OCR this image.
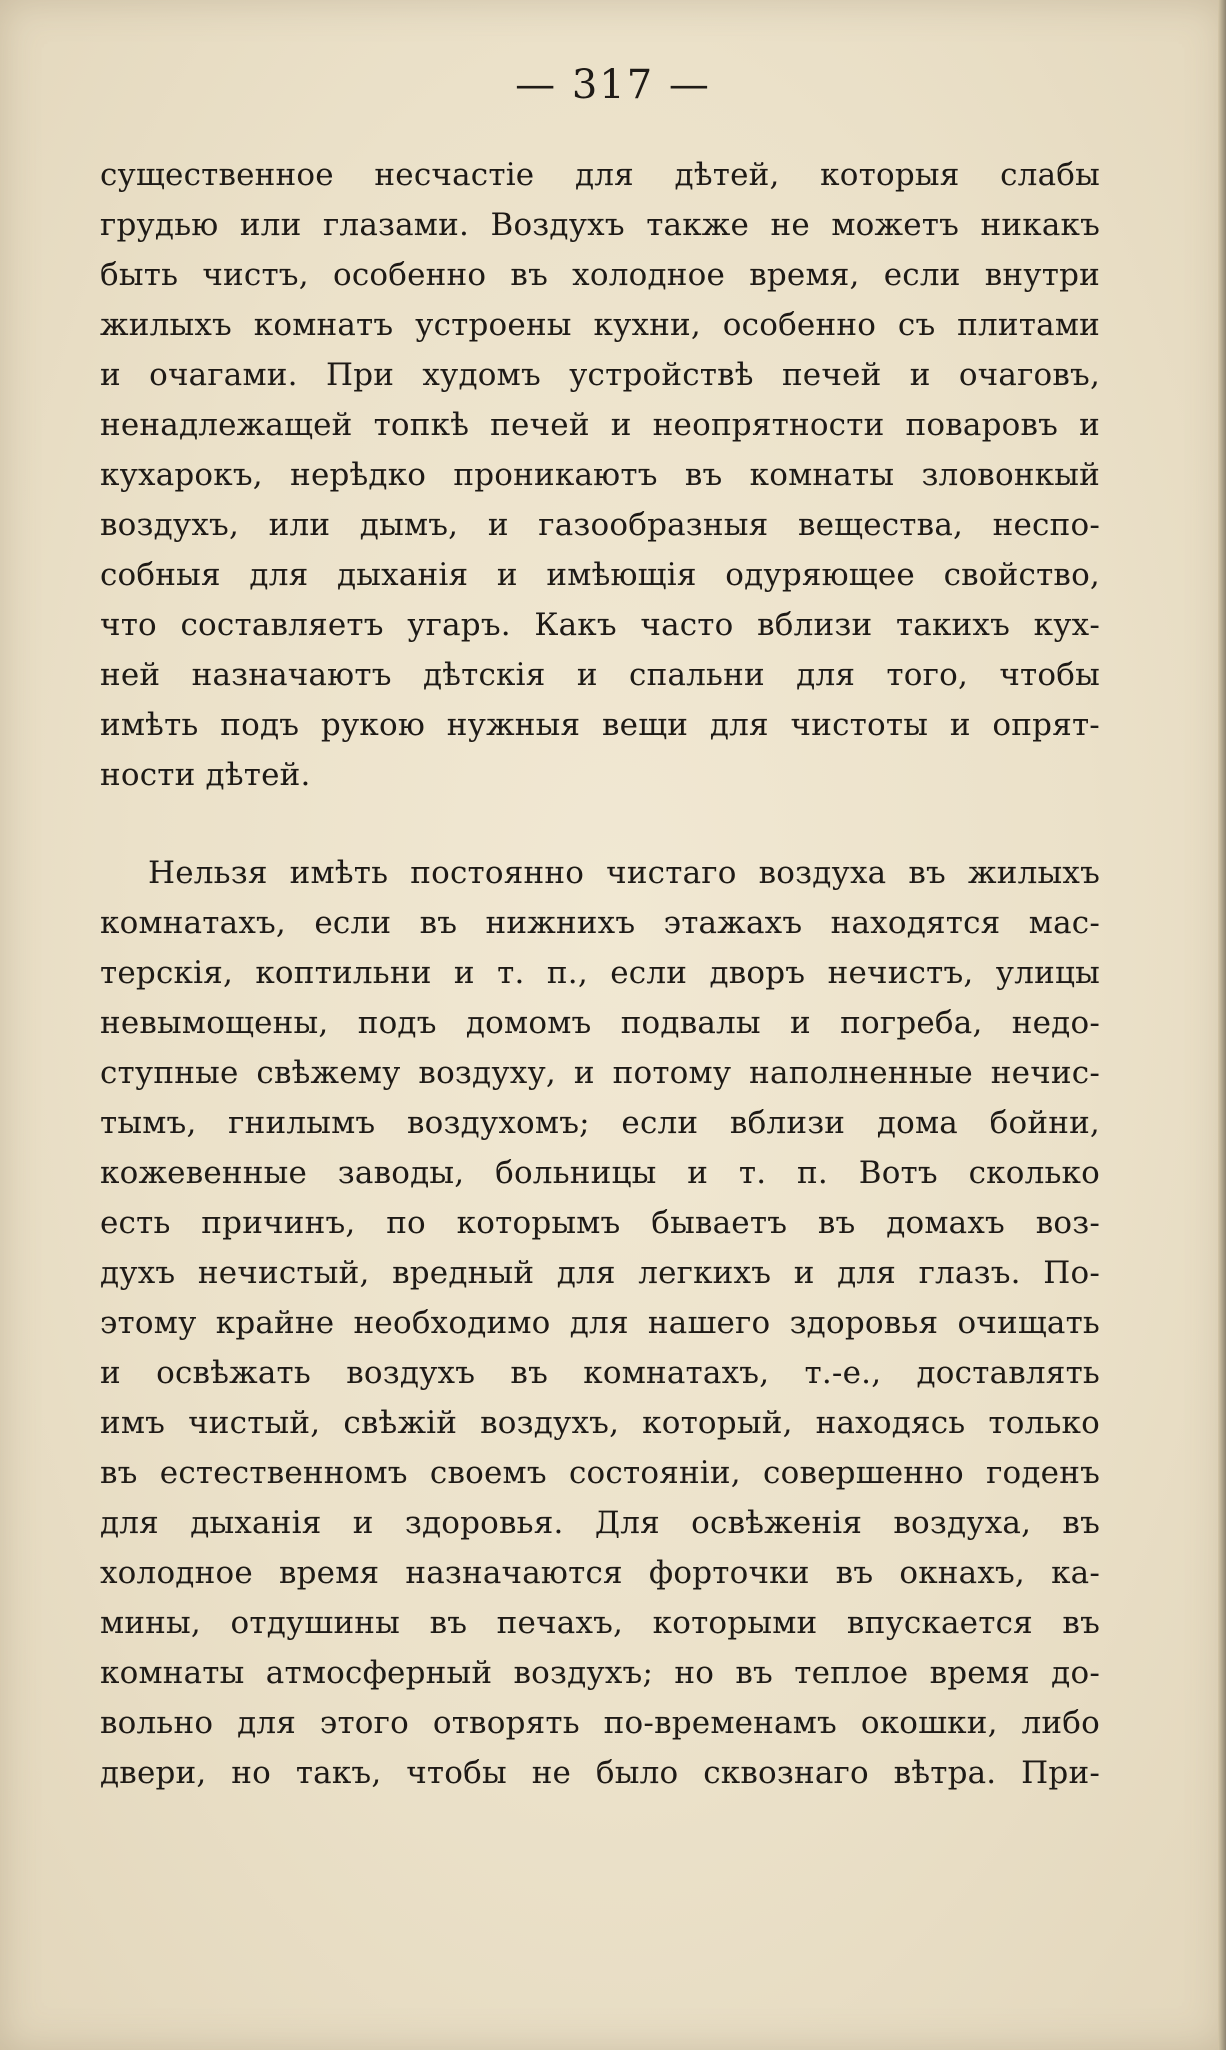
— 317 —
существенное несчастіе для дѣтей, которыя слабы
грудью или глазами. Воздухъ также не можетъ никакъ
быть чистъ, особенно въ холодное время, если внутри
жилыхъ комнатъ устроены кухни, особенно съ плитами
и очагами. При худомъ устройствѣ печей и очаговъ,
ненадлежащей топкѣ печей и неопрятности поваровъ и
кухарокъ, нерѣдко проникаютъ въ комнаты зловонкый
воздухъ, или дымъ, и газообразныя вещества, неспо-
собныя для дыханія и имѣющія одуряющее свойство,
что составляетъ угаръ. Какъ часто вблизи такихъ кух-
ней назначаютъ дѣтскія и спальни для того, чтобы
имѣть подъ рукою нужныя вещи для чистоты и опрят-
ности дѣтей.
Нельзя имѣть постоянно чистаго воздуха въ жилыхъ
комнатахъ, если въ нижнихъ этажахъ находятся мас-
терскія, коптильни и т. п., если дворъ нечистъ, улицы
невымощены, подъ домомъ подвалы и погреба, недо-
ступные свѣжему воздуху, и потому наполненные нечис-
тымъ, гнилымъ воздухомъ; если вблизи дома бойни,
кожевенные заводы, больницы и т. п. Вотъ сколько
есть причинъ, по которымъ бываетъ въ домахъ воз-
духъ нечистый, вредный для легкихъ и для глазъ. По-
этому крайне необходимо для нашего здоровья очищать
и освѣжать воздухъ въ комнатахъ, т.-е., доставлять
имъ чистый, свѣжій воздухъ, который, находясь только
въ естественномъ своемъ состояніи, совершенно годенъ
для дыханія и здоровья. Для освѣженія воздуха, въ
холодное время назначаются форточки въ окнахъ, ка-
мины, отдушины въ печахъ, которыми впускается въ
комнаты атмосферный воздухъ; но въ теплое время до-
вольно для этого отворять по-временамъ окошки, либо
двери, но такъ, чтобы не было сквознаго вѣтра. При-
